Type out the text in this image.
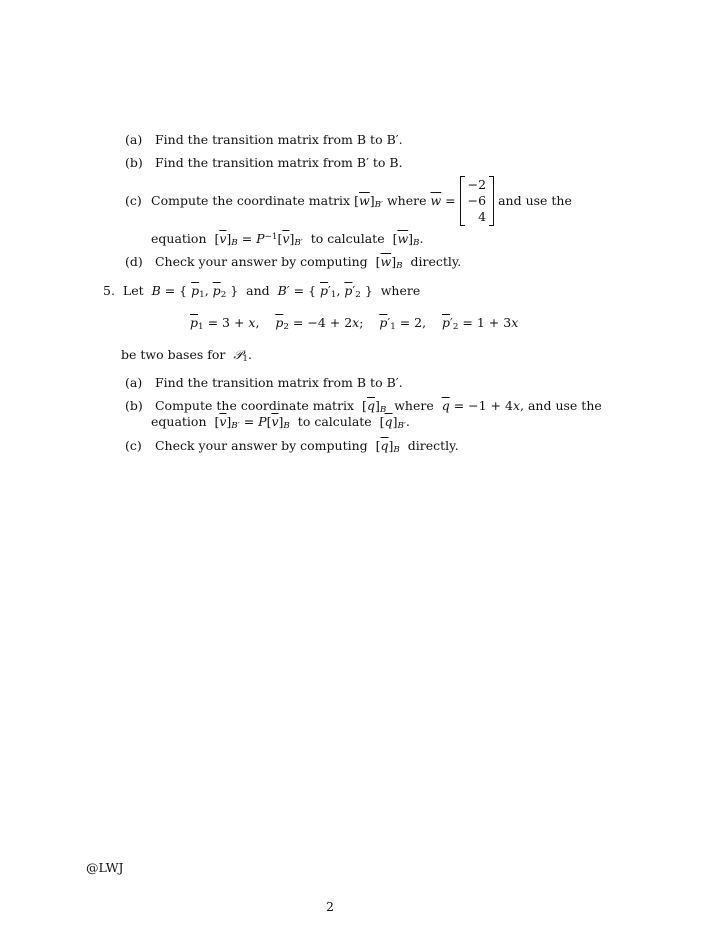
(a) Find the transition matrix from B to B′.
(b) Find the transition matrix from B′ to B.
(c) Compute the coordinate matrix
$[\overline{w}]_{B'}$
where
$\overline{w}$ =
−2
−6
4
and use the
equation $[\overline{v}]_B = P^{-1}[\overline{v}]_{B'}$ to calculate $[\overline{w}]_B$.
(d) Check your answer by computing $[\overline{w}]_B$ directly.
5. Let B = { $\overline{p}_1$, $\overline{p}_2$ } and B′ = { $\overline{p}'_1$, $\overline{p}'_2$ } where
$\overline{p}_1 = 3 + x$,    $\overline{p}_2 = -4 + 2x$;    $\overline{p}'_1 = 2$,    $\overline{p}'_2 = 1 + 3x$
be two bases for 𝒫$_1$.
(a) Find the transition matrix from B to B′.
(b) Compute the coordinate matrix $[\overline{q}]_B$ where $\overline{q} = -1 + 4x$, and use the
equation $[\overline{v}]_{B'} = P[\overline{v}]_B$ to calculate $[\overline{q}]_{B'}$.
(c) Check your answer by computing $[\overline{q}]_B$ directly.
@LWJ
2
